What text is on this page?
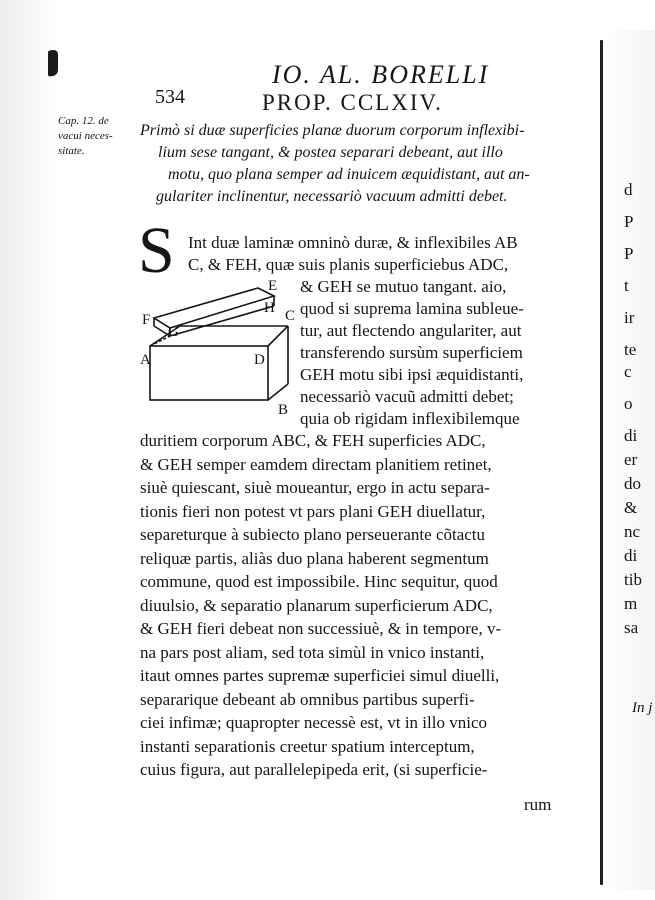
d
P
P
t
ir
te
c
o
di
er
do
&
nc
di
tib
m
sa
In j
534
IO. AL. BORELLI
PROP. CCLXIV.
Cap. 12. de
vacui neces-
sitate.
Primò si duæ superficies planæ duorum corporum inflexibi-
lium sese tangant, & postea separari debeant, aut illo
motu, quo plana semper ad inuicem æquidistant, aut an-
gulariter inclinentur, necessariò vacuum admitti debet.
S Int duæ laminæ omninò duræ, & inflexibiles AB
C, & FEH, quæ suis planis superficiebus ADC,
& GEH se mutuo tangant. aio,
quod si suprema lamina subleue-
tur, aut flectendo angulariter, aut
transferendo sursùm superficiem
GEH motu sibi ipsi æquidistanti,
necessariò vacuũ admitti debet;
quia ob rigidam inflexibilemque
E
F
G
H C
A	D
B
duritiem corporum ABC, & FEH superficies ADC,
& GEH semper eamdem directam planitiem retinet,
siuè quiescant, siuè moueantur, ergo in actu separa-
tionis fieri non potest vt pars plani GEH diuellatur,
separeturque à subiecto plano perseuerante cõtactu
reliquæ partis, aliàs duo plana haberent segmentum
commune, quod est impossibile. Hinc sequitur, quod
diuulsio, & separatio planarum superficierum ADC,
& GEH fieri debeat non successiuè, & in tempore, v-
na pars post aliam, sed tota simùl in vnico instanti,
itaut omnes partes supremæ superficiei simul diuelli,
separarique debeant ab omnibus partibus superfi-
ciei infimæ; quapropter necessè est, vt in illo vnico
instanti separationis creetur spatium interceptum,
cuius figura, aut parallelepipeda erit, (si superficie-
rum
